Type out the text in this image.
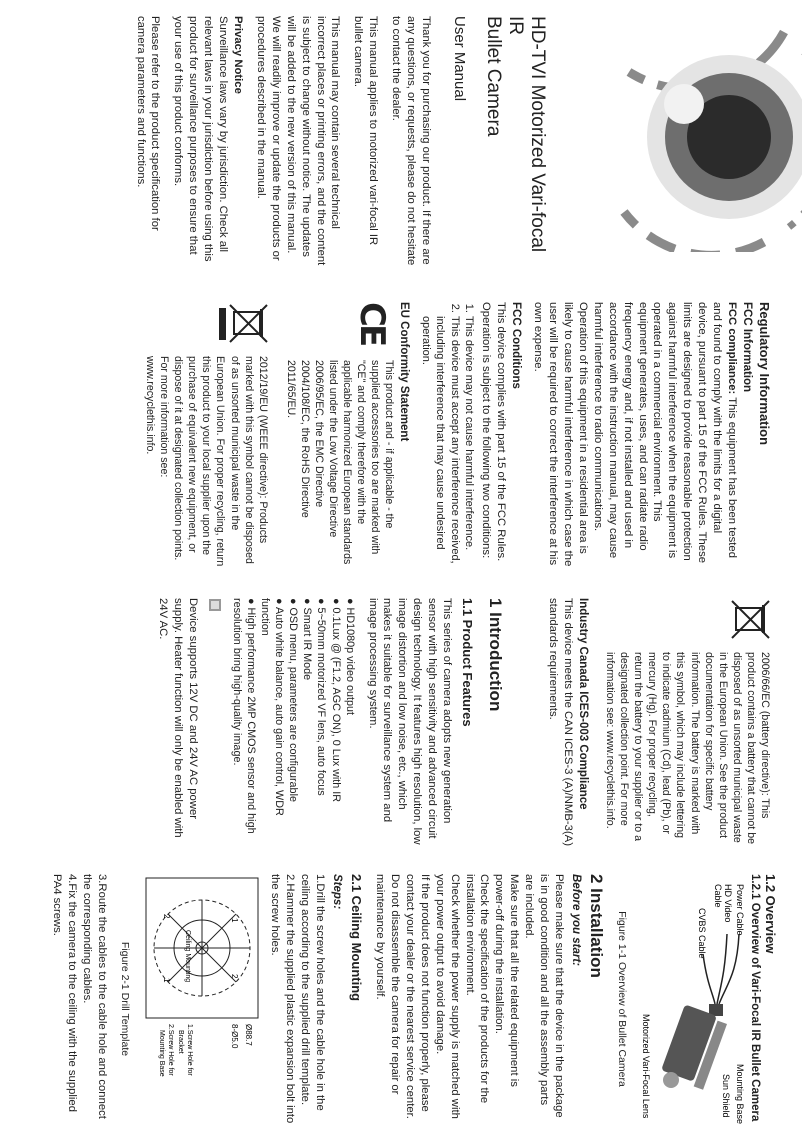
HD-TVI Motorized Vari-focal IR
Bullet Camera
User Manual

Thank you for purchasing our product. If there are any questions, or requests, please do not hesitate to contact the dealer.

This manual applies to motorized vari-focal IR bullet camera.

This manual may contain several technical incorrect places or printing errors, and the content is subject to change without notice. The updates will be added to the new version of this manual. We will readily improve or update the products or procedures described in the manual.

Privacy Notice

Surveillance laws vary by jurisdiction. Check all relevant laws in your jurisdiction before using this product for surveillance purposes to ensure that your use of this product conforms.

Please refer to the product specification for camera parameters and functions.

Regulatory Information
FCC Information

FCC compliance: This equipment has been tested and found to comply with the limits for a digital device, pursuant to part 15 of the FCC Rules. These limits are designed to provide reasonable protection against harmful interference when the equipment is operated in a commercial environment. This equipment generates, uses, and can radiate radio frequency energy and, if not installed and used in accordance with the instruction manual, may cause harmful interference to radio communications. Operation of this equipment in a residential area is likely to cause harmful interference in which case the user will be required to correct the interference at his own expense.

FCC Conditions

This device complies with part 15 of the FCC Rules. Operation is subject to the following two conditions:

1. This device may not cause harmful interference.
2. This device must accept any interference received, including interference that may cause undesired operation.
EU Conformity Statement
CE

This product and - if applicable - the supplied accessories too are marked with "CE" and comply therefore with the applicable harmonized European standards listed under the Low Voltage Directive 2006/95/EC, the EMC Directive 2004/108/EC, the RoHS Directive 2011/65/EU.

2012/19/EU (WEEE directive): Products marked with this symbol cannot be disposed of as unsorted municipal waste in the European Union. For proper recycling, return this product to your local supplier upon the purchase of equivalent new equipment, or dispose of it at designated collection points. For more information see: www.recyclethis.info.

2006/66/EC (battery directive): This product contains a battery that cannot be disposed of as unsorted municipal waste in the European Union. See the product documentation for specific battery information. The battery is marked with this symbol, which may include lettering to indicate cadmium (Cd), lead (Pb), or mercury (Hg). For proper recycling, return the battery to your supplier or to a designated collection point. For more information see: www.recyclethis.info.

Industry Canada ICES-003 Compliance

This device meets the CAN ICES-3 (A)/NMB-3(A) standards requirements.

1 Introduction
1.1 Product Features

This series of camera adopts new generation sensor with high sensitivity and advanced circuit design technology. It features high resolution, low image distortion and low noise, etc., which makes it suitable for surveillance system and image processing system.

● HD1080p video output
● 0.1Lux @ (F1.2, AGC ON), 0 Lux with IR
● 5~50mm motorized VF lens, auto focus
● Smart IR Mode
● OSD menu, parameters are configurable
● Auto white balance, auto gain control, WDR function
● High performance 2MP CMOS sensor and high resolution bring high-quality image.

Device supports 12V DC and 24V AC power supply. Heater function will only be enabled with 24V AC.

1.2 Overview
1.2.1 Overview of Vari-Focal IR Bullet Camera
Power Cable
HD Video
Cable
CVBS Cable
Mounting Base
Sun Shield
Motorized Vari-Focal Lens
Figure 1-1 Overview of Bullet Camera
2 Installation
Before you start:

Please make sure that the device in the package is in good condition and all the assembly parts are included.

Make sure that all the related equipment is power-off during the installation.

Check the specification of the products for the installation environment.

Check whether the power supply is matched with your power output to avoid damage.

If the product does not function properly, please contact your dealer or the nearest service center. Do not disassemble the camera for repair or maintenance by yourself.

2.1 Ceiling Mounting
Steps:

1.Drill the screw holes and the cable hole in the ceiling according to the supplied drill template.

2.Hammer the supplied plastic expansion bolt into the screw holes.

1
2
2
1 Ceiling Mounting
Ø88.7
8-Ø5.0
1.Screw Hole for
Bracket
2.Screw Hole for
Mounting Base
Figure 2-1 Drill Template

3.Route the cables to the cable hole and connect the corresponding cables.

4.Fix the camera to the ceiling with the supplied PA4 screws.
